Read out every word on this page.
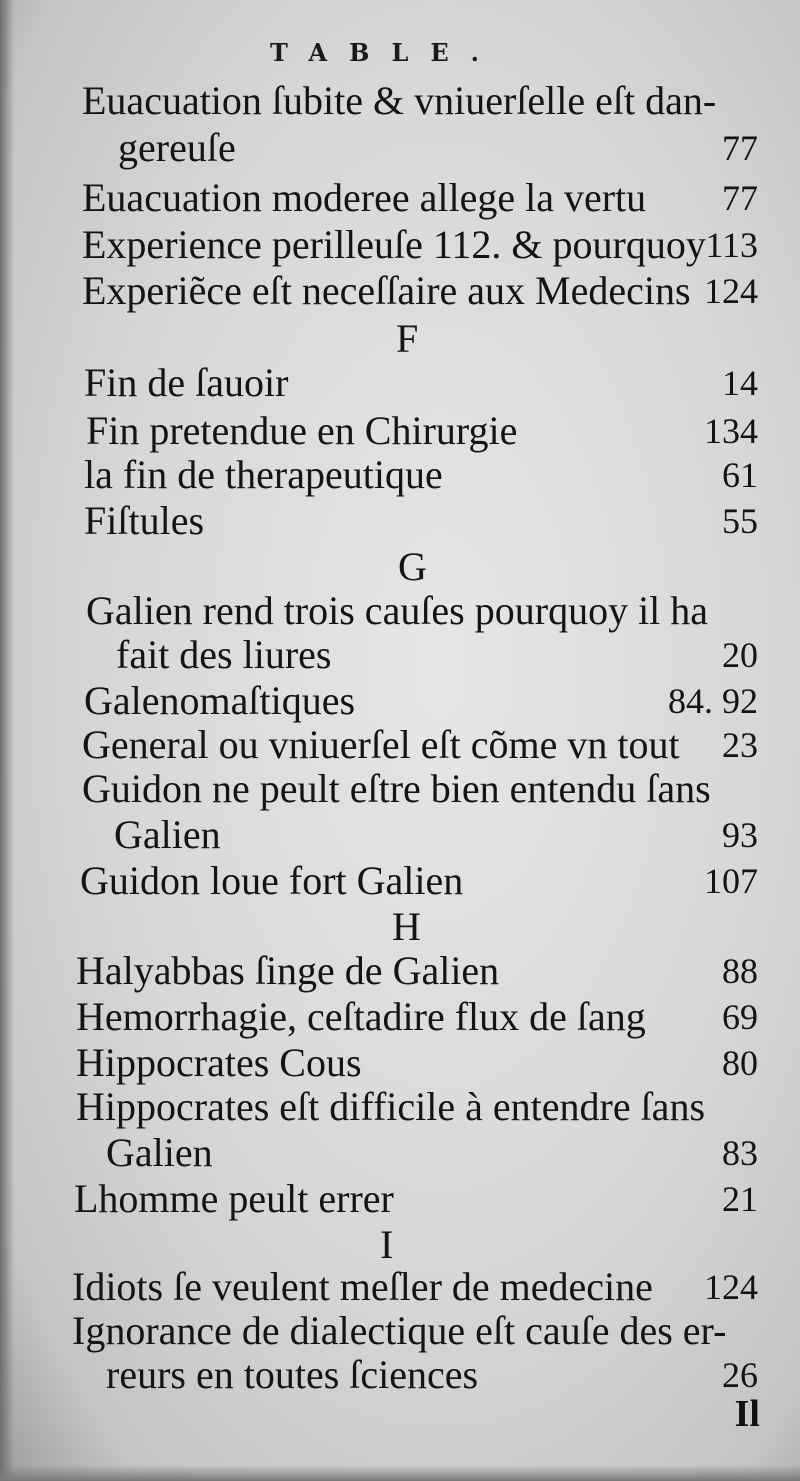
TABLE.
Euacuation ſubite & vniuerſelle eſt dan-
gereuſe	77
Euacuation moderee allege la vertu 77
Experience perilleuſe 112. & pourquoy 113
Experiẽce eſt neceſſaire aux Medecins 124
F
Fin de ſauoir	14
Fin pretendue en Chirurgie	134
la fin de therapeutique	61
Fiſtules	55
G
Galien rend trois cauſes pourquoy il ha
fait des liures	20
Galenomaſtiques	84. 92
General ou vniuerſel eſt cõme vn tout 23
Guidon ne peult eſtre bien entendu ſans
Galien	93
Guidon loue fort Galien	107
H
Halyabbas ſinge de Galien	88
Hemorrhagie, ceſtadire flux de ſang 69
Hippocrates Cous	80
Hippocrates eſt difficile à entendre ſans
Galien	83
Lhomme peult errer	21
I
Idiots ſe veulent meſler de medecine 124
Ignorance de dialectique eſt cauſe des er-
reurs en toutes ſciences	26
Il
